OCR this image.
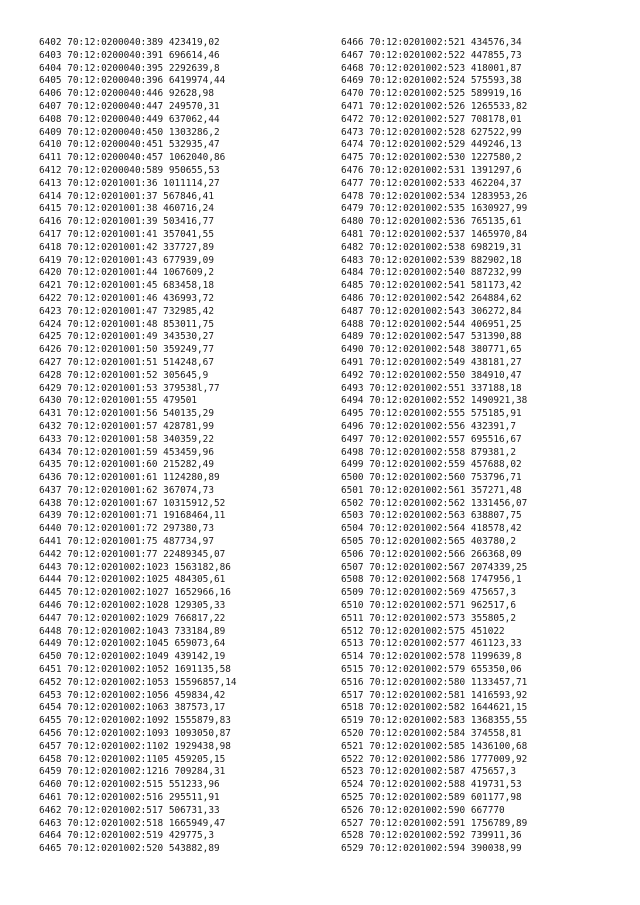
6402 70:12:0200040:389 423419,02
6403 70:12:0200040:391 696614,46
6404 70:12:0200040:395 2292639,8
6405 70:12:0200040:396 6419974,44
6406 70:12:0200040:446 92628,98
6407 70:12:0200040:447 249570,31
6408 70:12:0200040:449 637062,44
6409 70:12:0200040:450 1303286,2
6410 70:12:0200040:451 532935,47
6411 70:12:0200040:457 1062040,86
6412 70:12:0200040:589 950655,53
6413 70:12:0201001:36 1011114,27
6414 70:12:0201001:37 567846,41
6415 70:12:0201001:38 460716,24
6416 70:12:0201001:39 503416,77
6417 70:12:0201001:41 357041,55
6418 70:12:0201001:42 337727,89
6419 70:12:0201001:43 677939,09
6420 70:12:0201001:44 1067609,2
6421 70:12:0201001:45 683458,18
6422 70:12:0201001:46 436993,72
6423 70:12:0201001:47 732985,42
6424 70:12:0201001:48 853011,75
6425 70:12:0201001:49 343530,27
6426 70:12:0201001:50 359249,77
6427 70:12:0201001:51 514248,67
6428 70:12:0201001:52 305645,9
6429 70:12:0201001:53 379538l,77
6430 70:12:0201001:55 479501
6431 70:12:0201001:56 540135,29
6432 70:12:0201001:57 428781,99
6433 70:12:0201001:58 340359,22
6434 70:12:0201001:59 453459,96
6435 70:12:0201001:60 215282,49
6436 70:12:0201001:61 1124280,89
6437 70:12:0201001:62 367074,73
6438 70:12:0201001:67 10315912,52
6439 70:12:0201001:71 19168464,11
6440 70:12:0201001:72 297380,73
6441 70:12:0201001:75 487734,97
6442 70:12:0201001:77 22489345,07
6443 70:12:0201002:1023 1563182,86
6444 70:12:0201002:1025 484305,61
6445 70:12:0201002:1027 1652966,16
6446 70:12:0201002:1028 129305,33
6447 70:12:0201002:1029 766817,22
6448 70:12:0201002:1043 733184,89
6449 70:12:0201002:1045 659073,64
6450 70:12:0201002:1049 439142,19
6451 70:12:0201002:1052 1691135,58
6452 70:12:0201002:1053 15596857,14
6453 70:12:0201002:1056 459834,42
6454 70:12:0201002:1063 387573,17
6455 70:12:0201002:1092 1555879,83
6456 70:12:0201002:1093 1093050,87
6457 70:12:0201002:1102 1929438,98
6458 70:12:0201002:1105 459205,15
6459 70:12:0201002:1216 709284,31
6460 70:12:0201002:515 551233,96
6461 70:12:0201002:516 295511,91
6462 70:12:0201002:517 506731,33
6463 70:12:0201002:518 1665949,47
6464 70:12:0201002:519 429775,3
6465 70:12:0201002:520 543882,89
6466 70:12:0201002:521 434576,34
6467 70:12:0201002:522 447855,73
6468 70:12:0201002:523 418001,87
6469 70:12:0201002:524 575593,38
6470 70:12:0201002:525 589919,16
6471 70:12:0201002:526 1265533,82
6472 70:12:0201002:527 708178,01
6473 70:12:0201002:528 627522,99
6474 70:12:0201002:529 449246,13
6475 70:12:0201002:530 1227580,2
6476 70:12:0201002:531 1391297,6
6477 70:12:0201002:533 462204,37
6478 70:12:0201002:534 1283953,26
6479 70:12:0201002:535 1630927,99
6480 70:12:0201002:536 765135,61
6481 70:12:0201002:537 1465970,84
6482 70:12:0201002:538 698219,31
6483 70:12:0201002:539 882902,18
6484 70:12:0201002:540 887232,99
6485 70:12:0201002:541 581173,42
6486 70:12:0201002:542 264884,62
6487 70:12:0201002:543 306272,84
6488 70:12:0201002:544 406951,25
6489 70:12:0201002:547 531390,88
6490 70:12:0201002:548 380771,65
6491 70:12:0201002:549 438181,27
6492 70:12:0201002:550 384910,47
6493 70:12:0201002:551 337188,18
6494 70:12:0201002:552 1490921,38
6495 70:12:0201002:555 575185,91
6496 70:12:0201002:556 432391,7
6497 70:12:0201002:557 695516,67
6498 70:12:0201002:558 879381,2
6499 70:12:0201002:559 457688,02
6500 70:12:0201002:560 753796,71
6501 70:12:0201002:561 357271,48
6502 70:12:0201002:562 1331456,07
6503 70:12:0201002:563 638807,75
6504 70:12:0201002:564 418578,42
6505 70:12:0201002:565 403780,2
6506 70:12:0201002:566 266368,09
6507 70:12:0201002:567 2074339,25
6508 70:12:0201002:568 1747956,1
6509 70:12:0201002:569 475657,3
6510 70:12:0201002:571 962517,6
6511 70:12:0201002:573 355805,2
6512 70:12:0201002:575 451022
6513 70:12:0201002:577 461123,33
6514 70:12:0201002:578 1199639,8
6515 70:12:0201002:579 655350,06
6516 70:12:0201002:580 1133457,71
6517 70:12:0201002:581 1416593,92
6518 70:12:0201002:582 1644621,15
6519 70:12:0201002:583 1368355,55
6520 70:12:0201002:584 374558,81
6521 70:12:0201002:585 1436100,68
6522 70:12:0201002:586 1777009,92
6523 70:12:0201002:587 475657,3
6524 70:12:0201002:588 419731,53
6525 70:12:0201002:589 601177,98
6526 70:12:0201002:590 667770
6527 70:12:0201002:591 1756789,89
6528 70:12:0201002:592 739911,36
6529 70:12:0201002:594 390038,99
